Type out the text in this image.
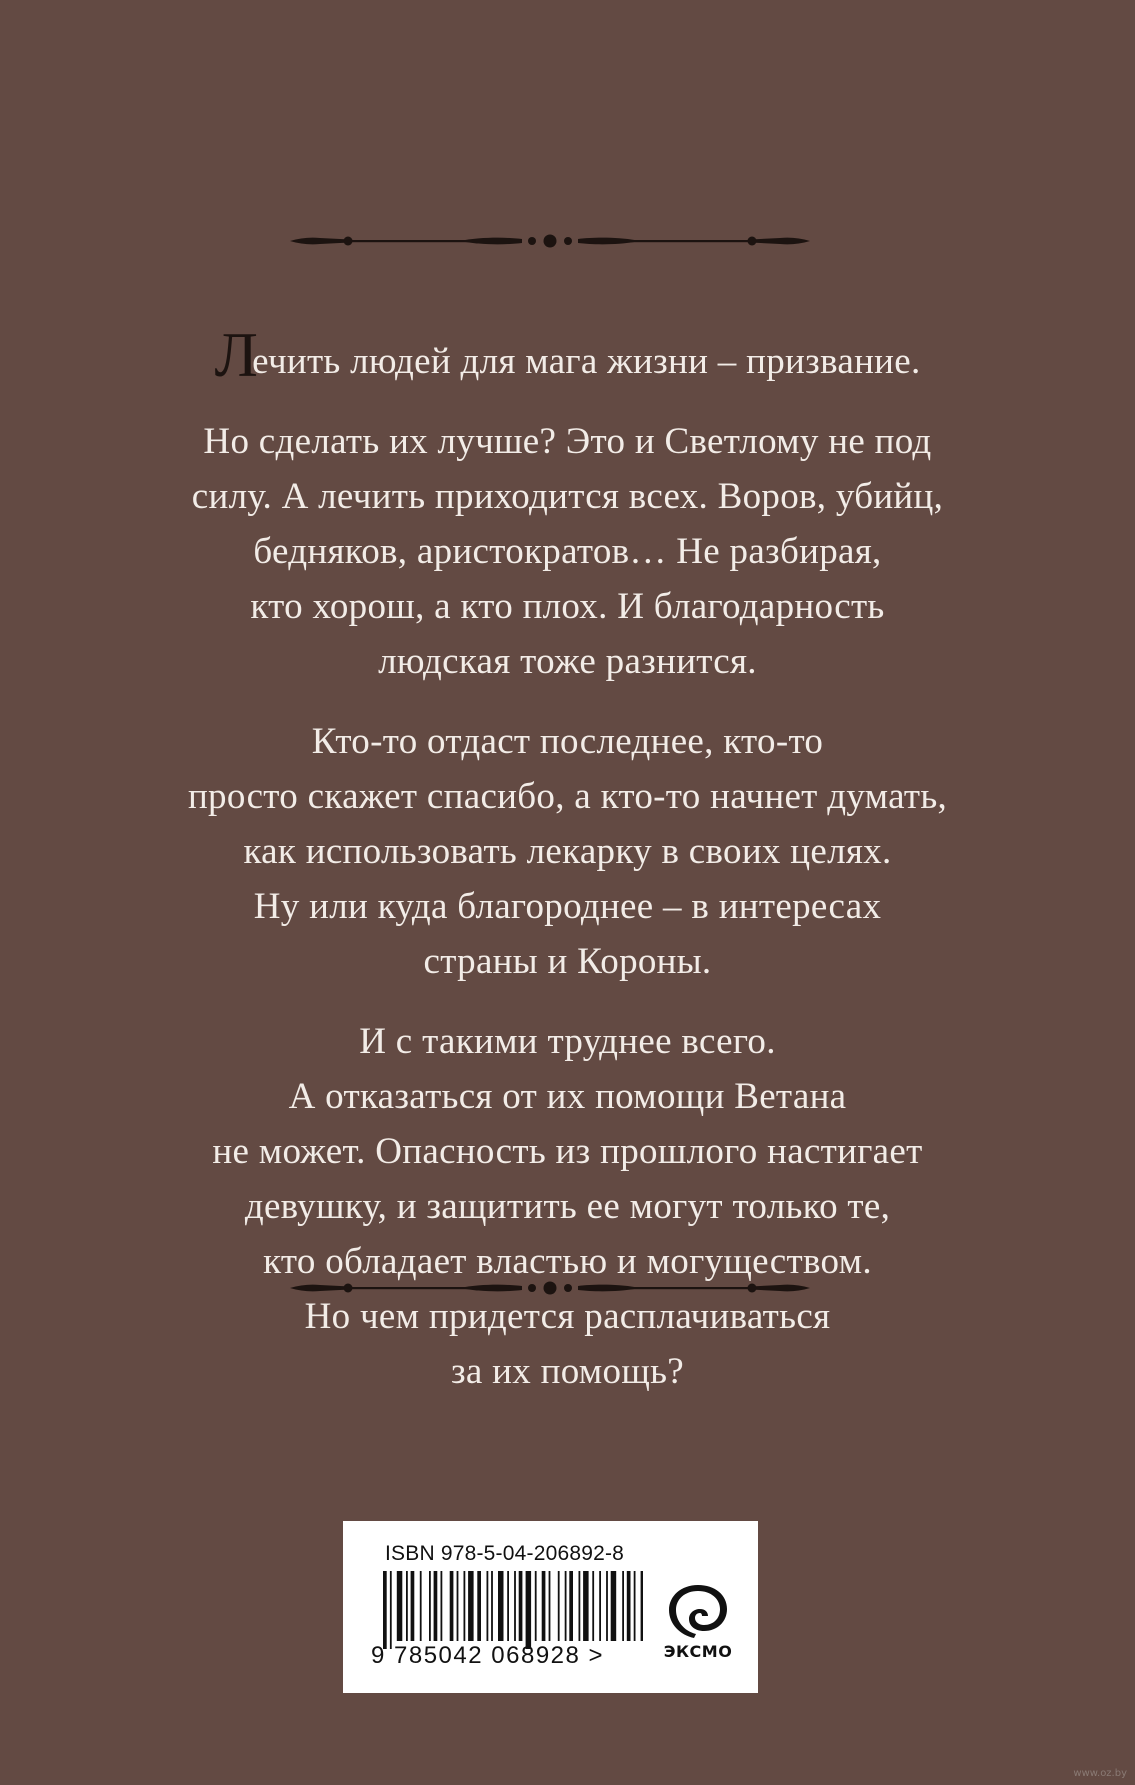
Лечить людей для мага жизни – призвание.

Но сделать их лучше? Это и Светлому не под
силу. А лечить приходится всех. Воров, убийц,
бедняков, аристократов… Не разбирая,
кто хорош, а кто плох. И благодарность
людская тоже разнится.

Кто-то отдаст последнее, кто-то
просто скажет спасибо, а кто-то начнет думать,
как использовать лекарку в своих целях.
Ну или куда благороднее – в интересах
страны и Короны.

И с такими труднее всего.
А отказаться от их помощи Ветана
не может. Опасность из прошлого настигает
девушку, и защитить ее могут только те,
кто обладает властью и могуществом.
Но чем придется расплачиваться
за их помощь?

ISBN 978-5-04-206892-8
9 785042 068928 >	ЭКСМО
www.oz.by
